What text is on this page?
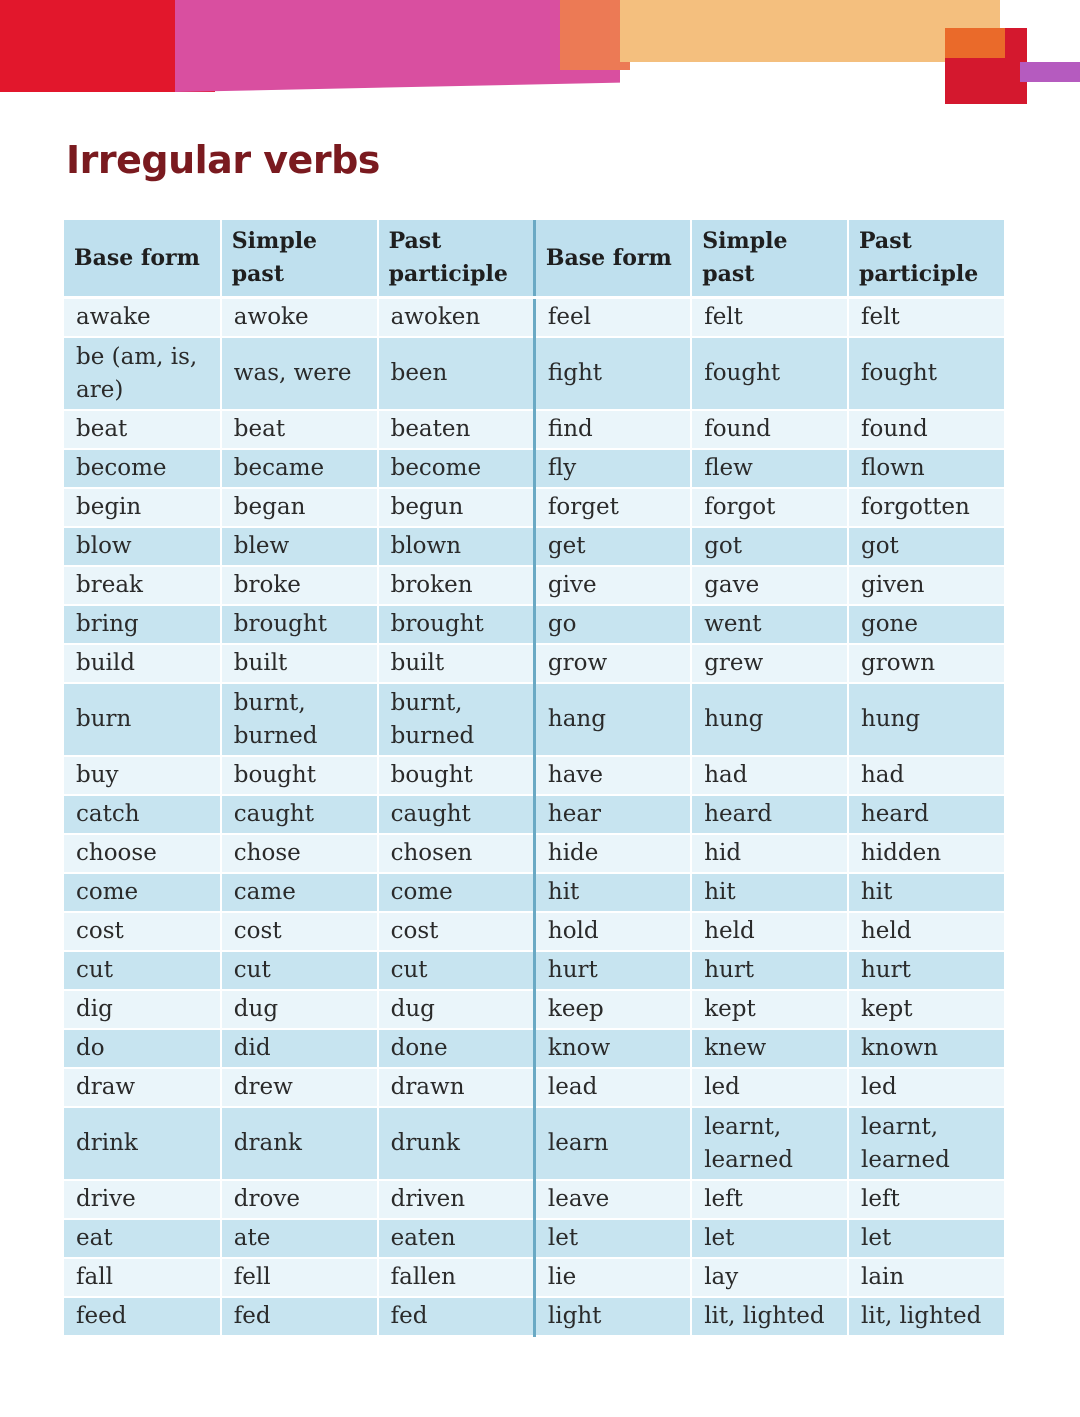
Irregular verbs
Base form	Simple past	Past participle	Base form	Simple past	Past participle
awake	awoke	awoken	feel	felt	felt
be (am, is, are)	was, were	been	fight	fought	fought
beat	beat	beaten	find	found	found
become	became	become	fly	flew	flown
begin	began	begun	forget	forgot	forgotten
blow	blew	blown	get	got	got
break	broke	broken	give	gave	given
bring	brought	brought	go	went	gone
build	built	built	grow	grew	grown
burn	burnt, burned	burnt, burned	hang	hung	hung
buy	bought	bought	have	had	had
catch	caught	caught	hear	heard	heard
choose	chose	chosen	hide	hid	hidden
come	came	come	hit	hit	hit
cost	cost	cost	hold	held	held
cut	cut	cut	hurt	hurt	hurt
dig	dug	dug	keep	kept	kept
do	did	done	know	knew	known
draw	drew	drawn	lead	led	led
drink	drank	drunk	learn	learnt, learned	learnt, learned
drive	drove	driven	leave	left	left
eat	ate	eaten	let	let	let
fall	fell	fallen	lie	lay	lain
feed	fed	fed	light	lit, lighted	lit, lighted
